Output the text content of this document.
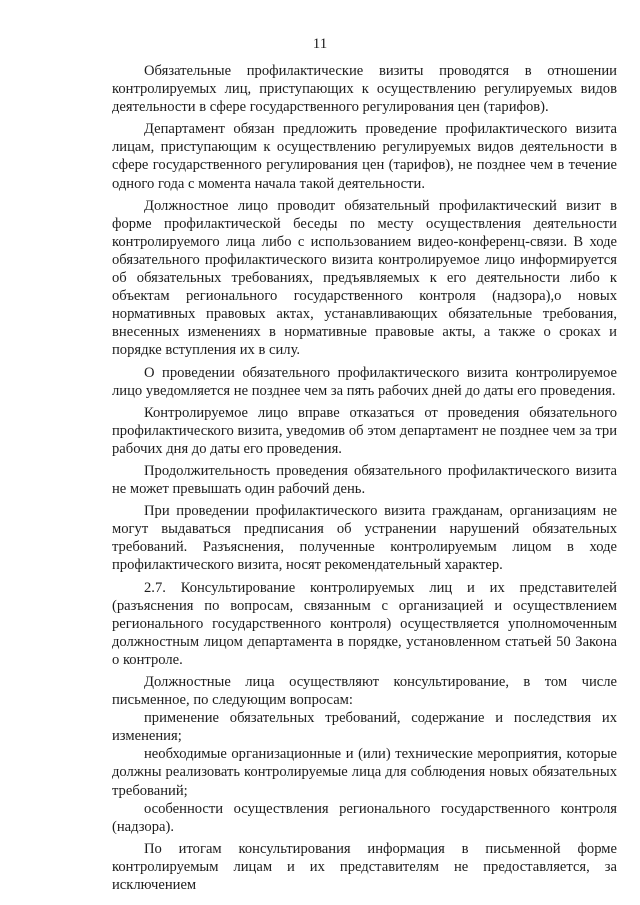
11

Обязательные профилактические визиты проводятся в отношении контролируемых лиц, приступающих к осуществлению регулируемых видов деятельности в сфере государственного регулирования цен (тарифов).

Департамент обязан предложить проведение профилактического визита лицам, приступающим к осуществлению регулируемых видов деятельности в сфере государственного регулирования цен (тарифов), не позднее чем в течение одного года с момента начала такой деятельности.

Должностное лицо проводит обязательный профилактический визит в форме профилактической беседы по месту осуществления деятельности контролируемого лица либо с использованием видео-конференц-связи. В ходе обязательного профилактического визита контролируемое лицо информируется об обязательных требованиях, предъявляемых к его деятельности либо к объектам регионального государственного контроля (надзора),о новых нормативных правовых актах, устанавливающих обязательные требования, внесенных изменениях в нормативные правовые акты, а также о сроках и порядке вступления их в силу.

О проведении обязательного профилактического визита контролируемое лицо уведомляется не позднее чем за пять рабочих дней до даты его проведения.

Контролируемое лицо вправе отказаться от проведения обязательного профилактического визита, уведомив об этом департамент не позднее чем за три рабочих дня до даты его проведения.

Продолжительность проведения обязательного профилактического визита не может превышать один рабочий день.

При проведении профилактического визита гражданам, организациям не могут выдаваться предписания об устранении нарушений обязательных требований. Разъяснения, полученные контролируемым лицом в ходе профилактического визита, носят рекомендательный характер.

2.7. Консультирование контролируемых лиц и их представителей (разъяснения по вопросам, связанным с организацией и осуществлением регионального государственного контроля) осуществляется уполномоченным должностным лицом департамента в порядке, установленном статьей 50 Закона о контроле.

Должностные лица осуществляют консультирование, в том числе письменное, по следующим вопросам:

применение обязательных требований, содержание и последствия их изменения;

необходимые организационные и (или) технические мероприятия, которые должны реализовать контролируемые лица для соблюдения новых обязательных требований;

особенности осуществления регионального государственного контроля (надзора).

По итогам консультирования информация в письменной форме контролируемым лицам и их представителям не предоставляется, за исключением
